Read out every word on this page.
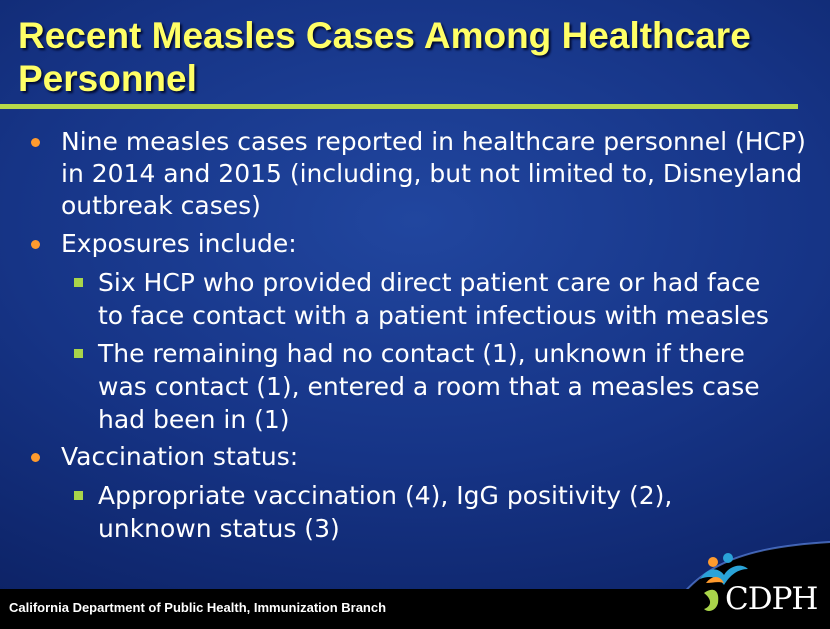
Recent Measles Cases Among Healthcare Personnel
Nine measles cases reported in healthcare personnel (HCP) in 2014 and 2015 (including, but not limited to, Disneyland outbreak cases)
Exposures include:
Six HCP who provided direct patient care or had face to face contact with a patient infectious with measles
The remaining had no contact (1), unknown if there was contact (1), entered a room that a measles case had been in (1)
Vaccination status:
Appropriate vaccination (4), IgG positivity (2), unknown status (3)
California Department of Public Health, Immunization Branch	CDPH
